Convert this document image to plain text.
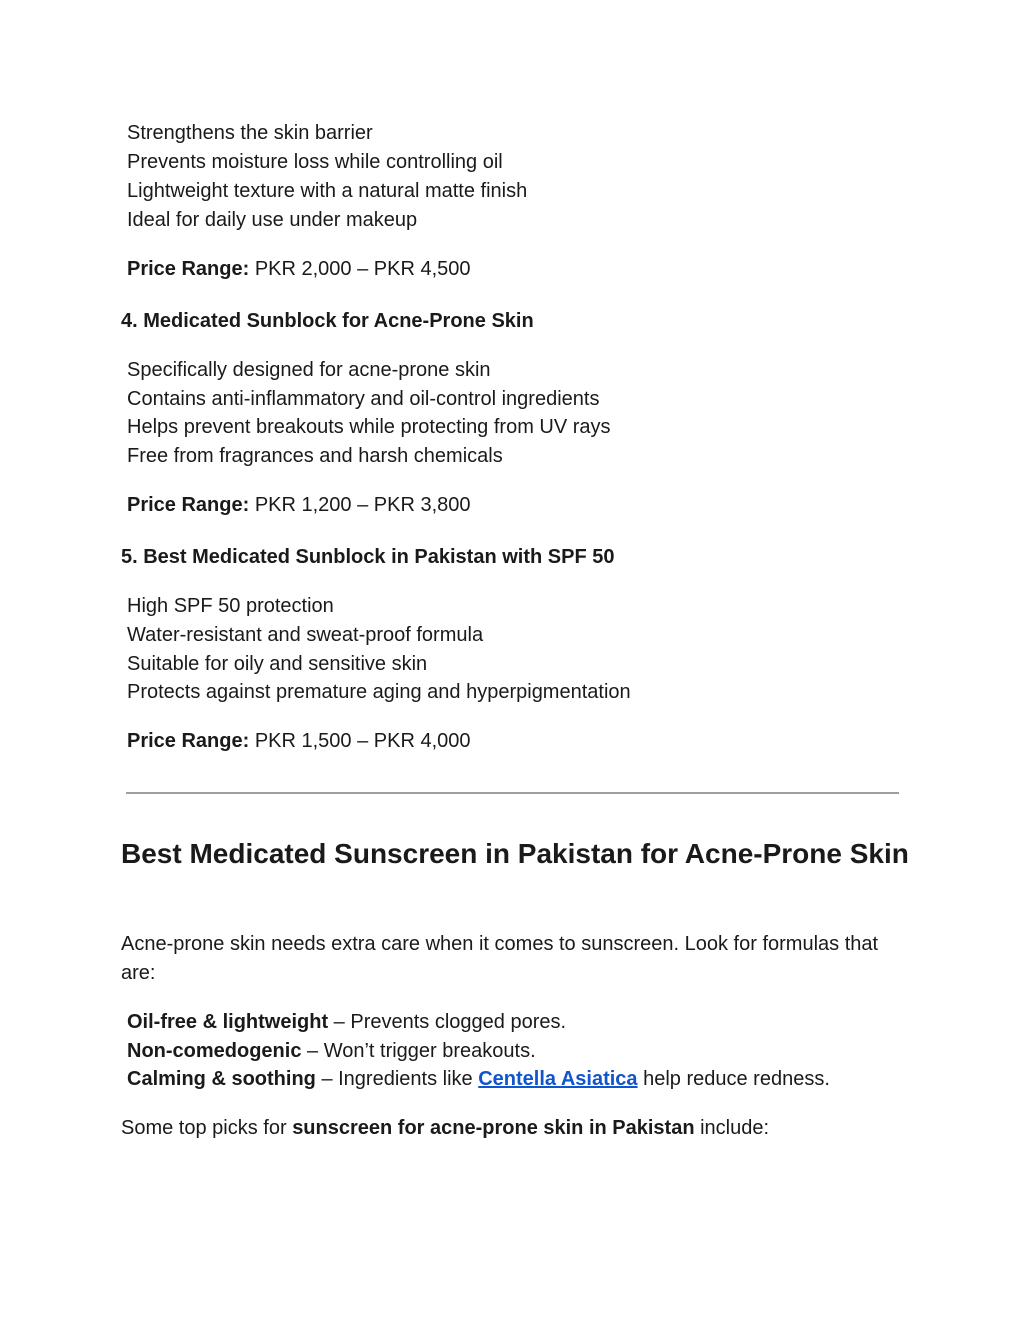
Strengthens the skin barrier
Prevents moisture loss while controlling oil
Lightweight texture with a natural matte finish
Ideal for daily use under makeup
Price Range: PKR 2,000 – PKR 4,500
4. Medicated Sunblock for Acne-Prone Skin
Specifically designed for acne-prone skin
Contains anti-inflammatory and oil-control ingredients
Helps prevent breakouts while protecting from UV rays
Free from fragrances and harsh chemicals
Price Range: PKR 1,200 – PKR 3,800
5. Best Medicated Sunblock in Pakistan with SPF 50
High SPF 50 protection
Water-resistant and sweat-proof formula
Suitable for oily and sensitive skin
Protects against premature aging and hyperpigmentation
Price Range: PKR 1,500 – PKR 4,000
Best Medicated Sunscreen in Pakistan for Acne-Prone Skin
Acne-prone skin needs extra care when it comes to sunscreen. Look for formulas that are:
Oil-free & lightweight – Prevents clogged pores.
Non-comedogenic – Won’t trigger breakouts.
Calming & soothing – Ingredients like Centella Asiatica help reduce redness.
Some top picks for sunscreen for acne-prone skin in Pakistan include:
